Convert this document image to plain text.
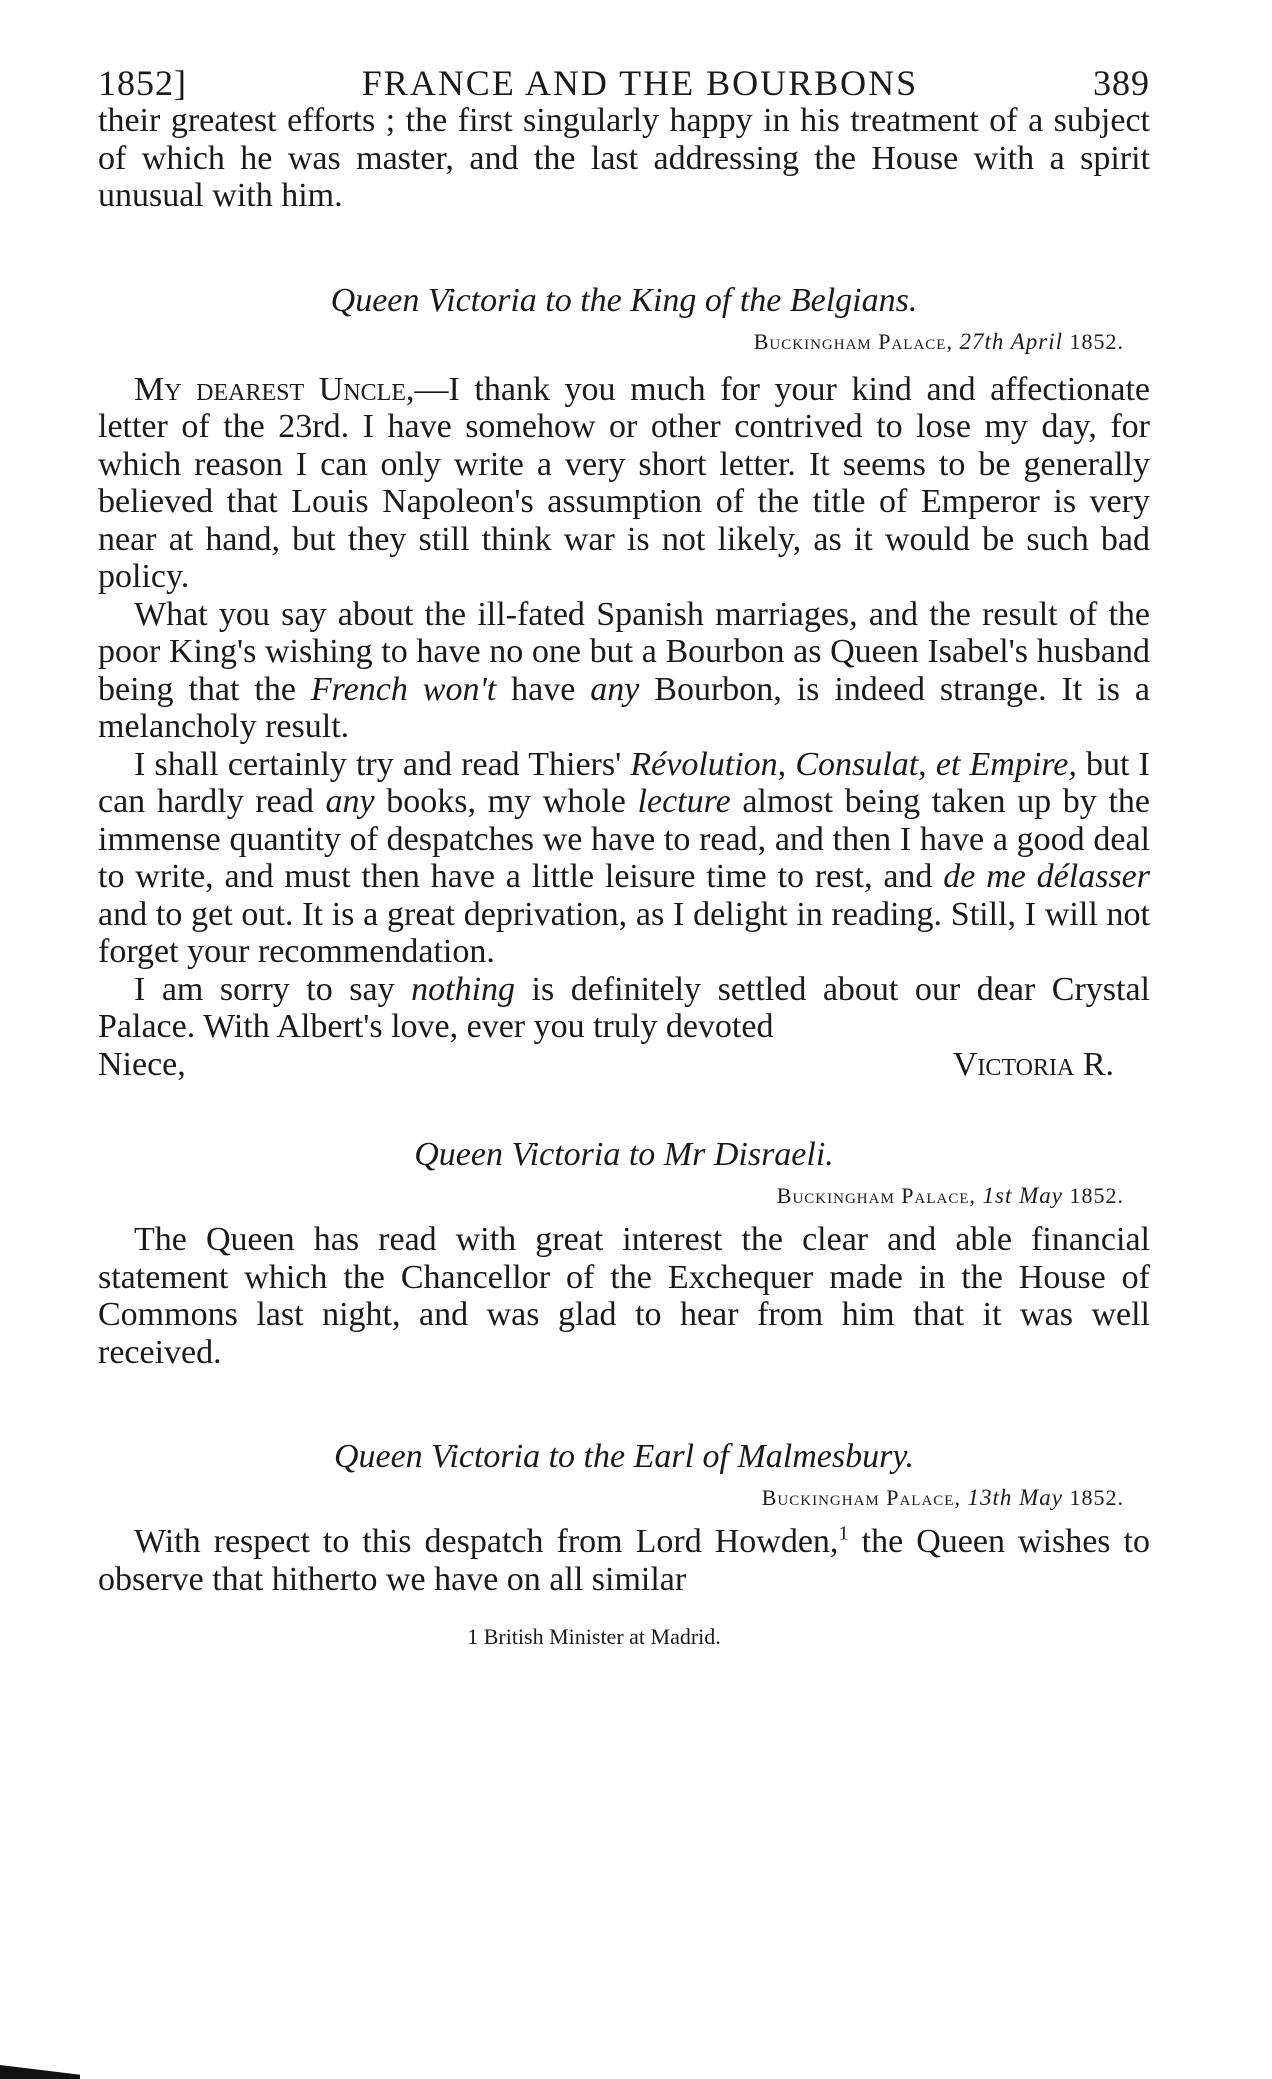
1852]	FRANCE AND THE BOURBONS	389

their greatest efforts ; the first singularly happy in his treatment of a subject of which he was master, and the last addressing the House with a spirit unusual with him.

Queen Victoria to the King of the Belgians.
Buckingham Palace, 27th April 1852.

My dearest Uncle,—I thank you much for your kind and affectionate letter of the 23rd. I have somehow or other contrived to lose my day, for which reason I can only write a very short letter. It seems to be generally believed that Louis Napoleon's assumption of the title of Emperor is very near at hand, but they still think war is not likely, as it would be such bad policy.

What you say about the ill-fated Spanish marriages, and the result of the poor King's wishing to have no one but a Bourbon as Queen Isabel's husband being that the French won't have any Bourbon, is indeed strange. It is a melancholy result.

I shall certainly try and read Thiers' Révolution, Consulat, et Empire, but I can hardly read any books, my whole lecture almost being taken up by the immense quantity of despatches we have to read, and then I have a good deal to write, and must then have a little leisure time to rest, and de me délasser and to get out. It is a great deprivation, as I delight in reading. Still, I will not forget your recommendation.

I am sorry to say nothing is definitely settled about our dear Crystal Palace. With Albert's love, ever you truly devoted

Niece,	Victoria R.
Queen Victoria to Mr Disraeli.
Buckingham Palace, 1st May 1852.

The Queen has read with great interest the clear and able financial statement which the Chancellor of the Exchequer made in the House of Commons last night, and was glad to hear from him that it was well received.

Queen Victoria to the Earl of Malmesbury.
Buckingham Palace, 13th May 1852.

With respect to this despatch from Lord Howden,$^1$ the Queen wishes to observe that hitherto we have on all similar

1 British Minister at Madrid.
